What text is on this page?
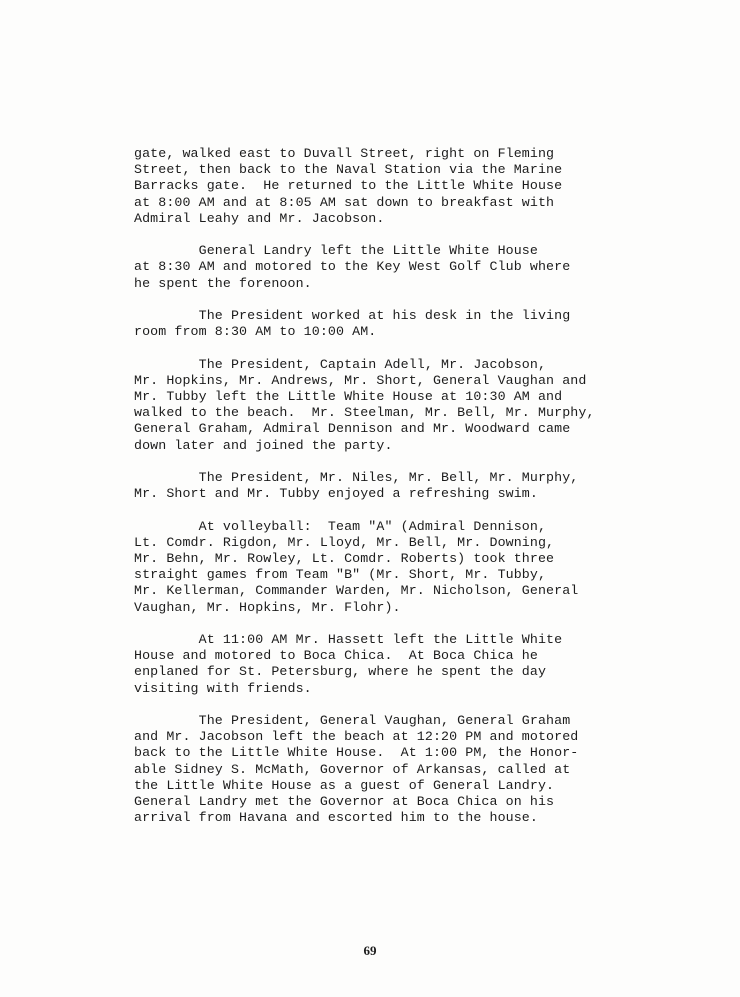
gate, walked east to Duvall Street, right on Fleming
Street, then back to the Naval Station via the Marine
Barracks gate.  He returned to the Little White House
at 8:00 AM and at 8:05 AM sat down to breakfast with
Admiral Leahy and Mr. Jacobson.

General Landry left the Little White House
at 8:30 AM and motored to the Key West Golf Club where
he spent the forenoon.

The President worked at his desk in the living
room from 8:30 AM to 10:00 AM.

The President, Captain Adell, Mr. Jacobson,
Mr. Hopkins, Mr. Andrews, Mr. Short, General Vaughan and
Mr. Tubby left the Little White House at 10:30 AM and
walked to the beach.  Mr. Steelman, Mr. Bell, Mr. Murphy,
General Graham, Admiral Dennison and Mr. Woodward came
down later and joined the party.

The President, Mr. Niles, Mr. Bell, Mr. Murphy,
Mr. Short and Mr. Tubby enjoyed a refreshing swim.

At volleyball:  Team "A" (Admiral Dennison,
Lt. Comdr. Rigdon, Mr. Lloyd, Mr. Bell, Mr. Downing,
Mr. Behn, Mr. Rowley, Lt. Comdr. Roberts) took three
straight games from Team "B" (Mr. Short, Mr. Tubby,
Mr. Kellerman, Commander Warden, Mr. Nicholson, General
Vaughan, Mr. Hopkins, Mr. Flohr).

At 11:00 AM Mr. Hassett left the Little White
House and motored to Boca Chica.  At Boca Chica he
enplaned for St. Petersburg, where he spent the day
visiting with friends.

The President, General Vaughan, General Graham
and Mr. Jacobson left the beach at 12:20 PM and motored
back to the Little White House.  At 1:00 PM, the Honor-
able Sidney S. McMath, Governor of Arkansas, called at
the Little White House as a guest of General Landry.
General Landry met the Governor at Boca Chica on his
arrival from Havana and escorted him to the house.

69
